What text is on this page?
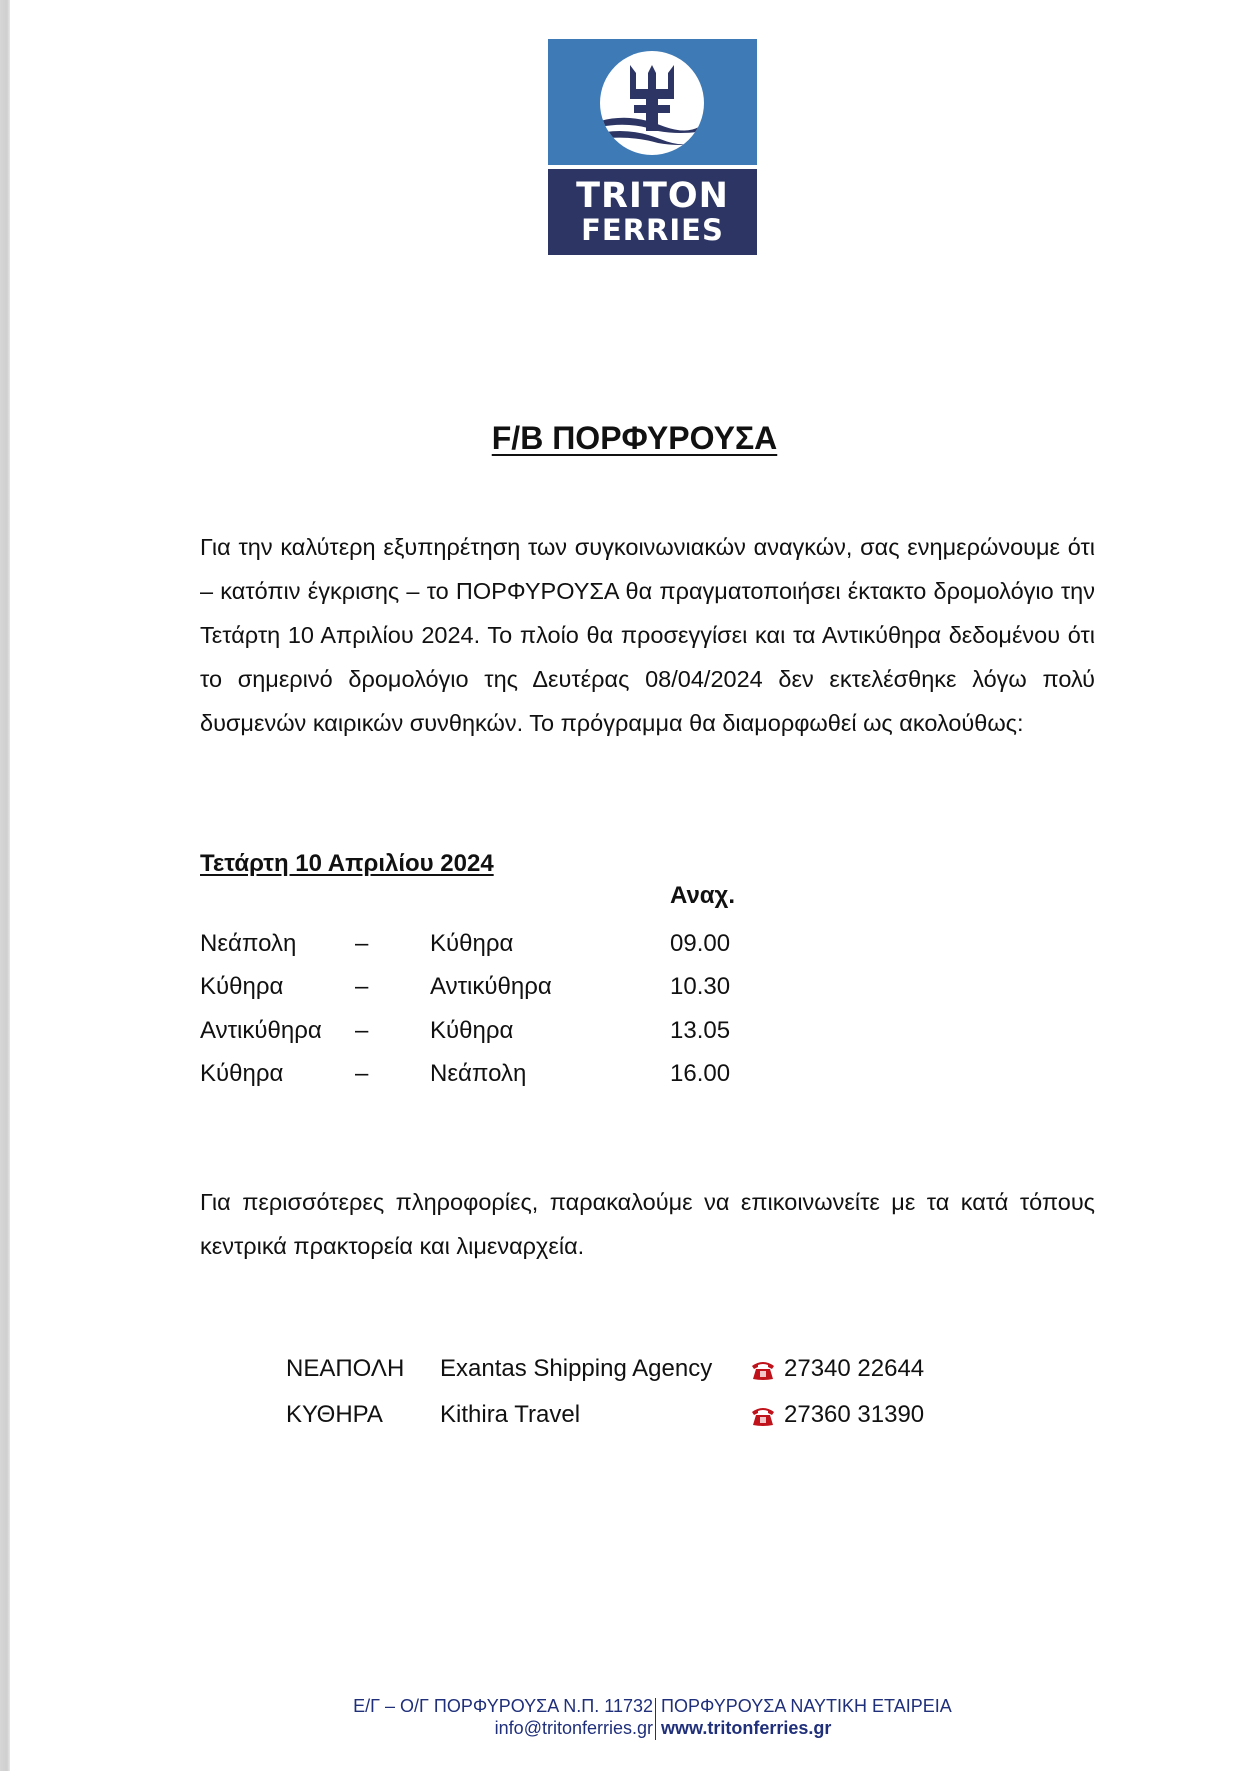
TRITON
FERRIES
F/B ΠΟΡΦΥΡΟΥΣΑ

Για την καλύτερη εξυπηρέτηση των συγκοινωνιακών αναγκών, σας ενημερώνουμε ότι – κατόπιν έγκρισης – το ΠΟΡΦΥΡΟΥΣΑ θα πραγματοποιήσει έκτακτο δρομολόγιο την Τετάρτη 10 Απριλίου 2024. Το πλοίο θα προσεγγίσει και τα Αντικύθηρα δεδομένου ότι το σημερινό δρομολόγιο της Δευτέρας 08/04/2024 δεν εκτελέσθηκε λόγω πολύ δυσμενών καιρικών συνθηκών. Το πρόγραμμα θα διαμορφωθεί ως ακολούθως:

Τετάρτη 10 Απριλίου 2024
Αναχ.
Νεάπολη –	Κύθηρα	09.00
Κύθηρα	–	Αντικύθηρα	10.30
Αντικύθηρα –	Κύθηρα	13.05
Κύθηρα	–	Νεάπολη	16.00

Για περισσότερες πληροφορίες, παρακαλούμε να επικοινωνείτε με τα κατά τόπους κεντρικά πρακτορεία και λιμεναρχεία.

ΝΕΑΠΟΛΗ Exantas Shipping Agency	27340 22644
ΚΥΘΗΡΑ Kithira Travel	27360 31390
Ε/Γ – Ο/Γ ΠΟΡΦΥΡΟΥΣΑ Ν.Π. 11732 ΠΟΡΦΥΡΟΥΣΑ ΝΑΥΤΙΚΗ ΕΤΑΙΡΕΙΑ
info@tritonferries.gr www.tritonferries.gr
